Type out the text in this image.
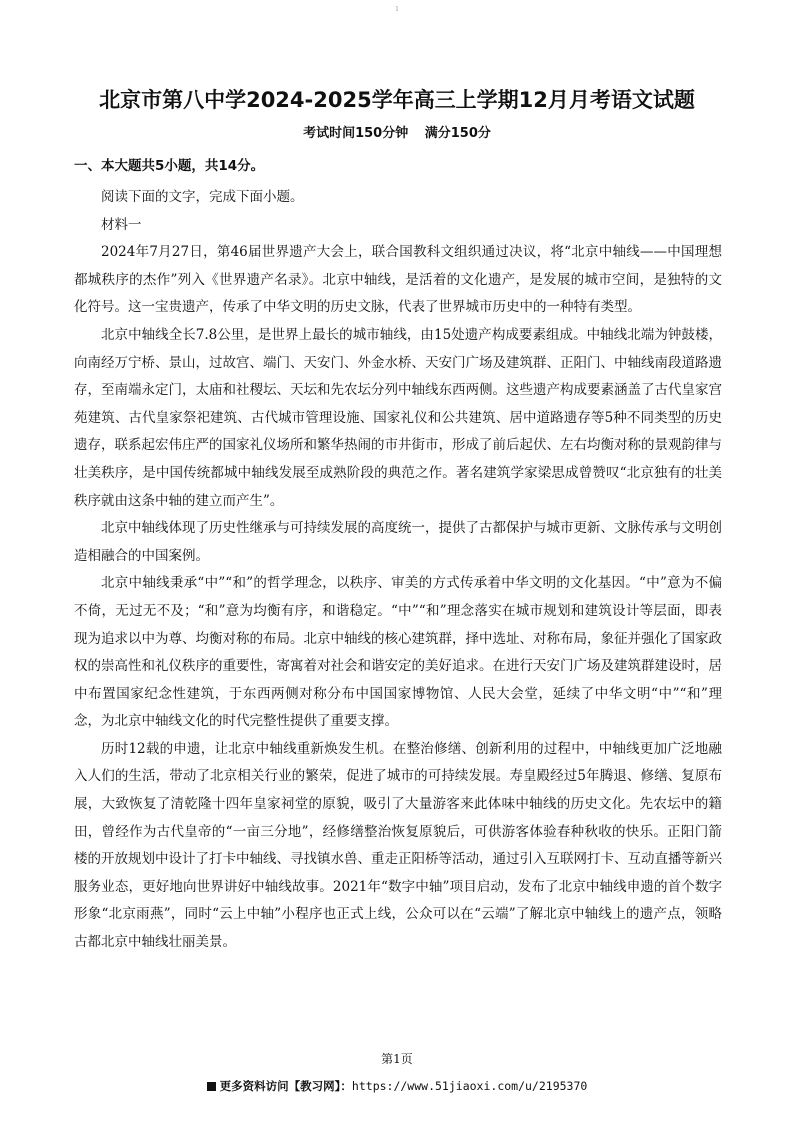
1
北京市第八中学2024-2025学年高三上学期12月月考语文试题
考试时间150分钟 满分150分
一、本大题共5小题，共14分。

阅读下面的文字，完成下面小题。

材料一

2024年7月27日，第46届世界遗产大会上，联合国教科文组织通过决议，将“北京中轴线——中国理想都城秩序的杰作”列入《世界遗产名录》。北京中轴线，是活着的文化遗产，是发展的城市空间，是独特的文化符号。这一宝贵遗产，传承了中华文明的历史文脉，代表了世界城市历史中的一种特有类型。

北京中轴线全长7.8公里，是世界上最长的城市轴线，由15处遗产构成要素组成。中轴线北端为钟鼓楼，向南经万宁桥、景山，过故宫、端门、天安门、外金水桥、天安门广场及建筑群、正阳门、中轴线南段道路遗存，至南端永定门，太庙和社稷坛、天坛和先农坛分列中轴线东西两侧。这些遗产构成要素涵盖了古代皇家宫苑建筑、古代皇家祭祀建筑、古代城市管理设施、国家礼仪和公共建筑、居中道路遗存等5种不同类型的历史遗存，联系起宏伟庄严的国家礼仪场所和繁华热闹的市井街市，形成了前后起伏、左右均衡对称的景观韵律与壮美秩序，是中国传统都城中轴线发展至成熟阶段的典范之作。著名建筑学家梁思成曾赞叹“北京独有的壮美秩序就由这条中轴的建立而产生”。

北京中轴线体现了历史性继承与可持续发展的高度统一，提供了古都保护与城市更新、文脉传承与文明创造相融合的中国案例。

北京中轴线秉承“中”“和”的哲学理念，以秩序、审美的方式传承着中华文明的文化基因。“中”意为不偏不倚，无过无不及；“和”意为均衡有序，和谐稳定。“中”“和”理念落实在城市规划和建筑设计等层面，即表现为追求以中为尊、均衡对称的布局。北京中轴线的核心建筑群，择中选址、对称布局，象征并强化了国家政权的崇高性和礼仪秩序的重要性，寄寓着对社会和谐安定的美好追求。在进行天安门广场及建筑群建设时，居中布置国家纪念性建筑，于东西两侧对称分布中国国家博物馆、人民大会堂，延续了中华文明“中”“和”理念，为北京中轴线文化的时代完整性提供了重要支撑。

历时12载的申遗，让北京中轴线重新焕发生机。在整治修缮、创新利用的过程中，中轴线更加广泛地融入人们的生活，带动了北京相关行业的繁荣，促进了城市的可持续发展。寿皇殿经过5年腾退、修缮、复原布展，大致恢复了清乾隆十四年皇家祠堂的原貌，吸引了大量游客来此体味中轴线的历史文化。先农坛中的籍田，曾经作为古代皇帝的“一亩三分地”，经修缮整治恢复原貌后，可供游客体验春种秋收的快乐。正阳门箭楼的开放规划中设计了打卡中轴线、寻找镇水兽、重走正阳桥等活动，通过引入互联网打卡、互动直播等新兴服务业态，更好地向世界讲好中轴线故事。2021年“数字中轴”项目启动，发布了北京中轴线申遗的首个数字形象“北京雨燕”，同时“云上中轴”小程序也正式上线，公众可以在“云端”了解北京中轴线上的遗产点，领略古都北京中轴线壮丽美景。

第1页
更多资料访问【教习网】：https://www.51jiaoxi.com/u/2195370
